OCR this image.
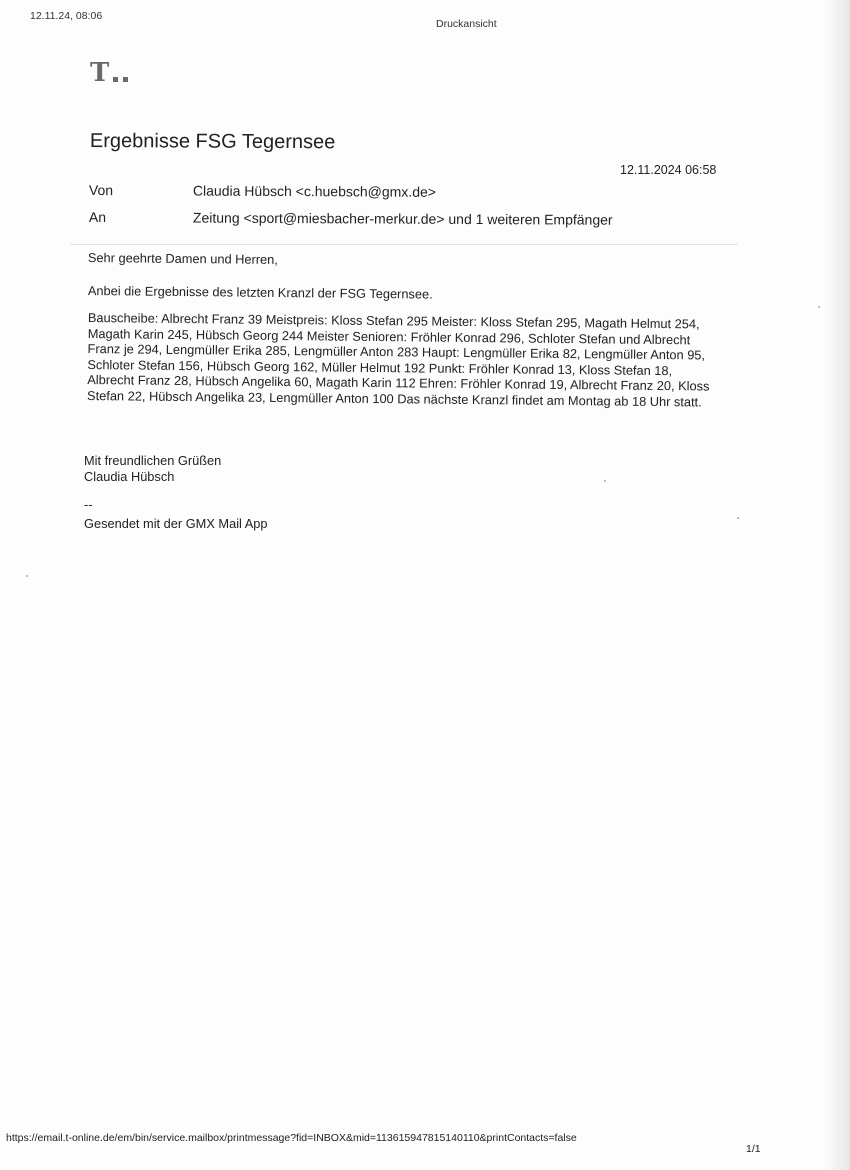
12.11.24, 08:06
Druckansicht
T
Ergebnisse FSG Tegernsee
12.11.2024 06:58
Von	Claudia Hübsch <c.huebsch@gmx.de>
An	Zeitung <sport@miesbacher-merkur.de> und 1 weiteren Empfänger
Sehr geehrte Damen und Herren,
Anbei die Ergebnisse des letzten Kranzl der FSG Tegernsee.
Bauscheibe: Albrecht Franz 39 Meistpreis: Kloss Stefan 295 Meister: Kloss Stefan 295, Magath Helmut 254, Magath Karin 245, Hübsch Georg 244 Meister Senioren: Fröhler Konrad 296, Schloter Stefan und Albrecht Franz je 294, Lengmüller Erika 285, Lengmüller Anton 283 Haupt: Lengmüller Erika 82, Lengmüller Anton 95, Schloter Stefan 156, Hübsch Georg 162, Müller Helmut 192 Punkt: Fröhler Konrad 13, Kloss Stefan 18, Albrecht Franz 28, Hübsch Angelika 60, Magath Karin 112 Ehren: Fröhler Konrad 19, Albrecht Franz 20, Kloss Stefan 22, Hübsch Angelika 23, Lengmüller Anton 100 Das nächste Kranzl findet am Montag ab 18 Uhr statt.
Mit freundlichen Grüßen
Claudia Hübsch
--
Gesendet mit der GMX Mail App
https://email.t-online.de/em/bin/service.mailbox/printmessage?fid=INBOX&mid=113615947815140110&printContacts=false
1/1
